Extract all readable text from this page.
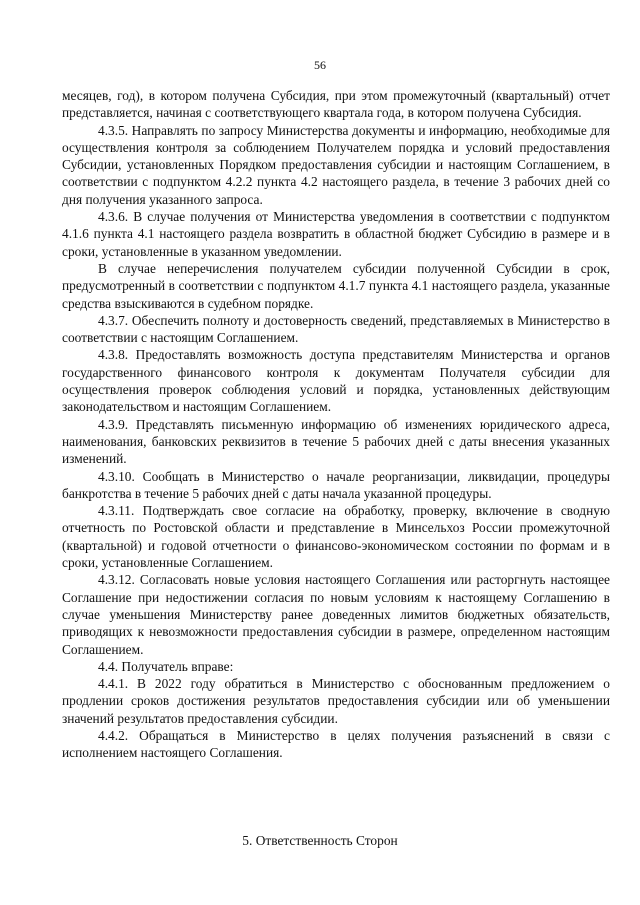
56

месяцев, год), в котором получена Субсидия, при этом промежуточный (квартальный) отчет представляется, начиная с соответствующего квартала года, в котором получена Субсидия.

4.3.5. Направлять по запросу Министерства документы и информацию, необходимые для осуществления контроля за соблюдением Получателем порядка и условий предоставления Субсидии, установленных Порядком предоставления субсидии и настоящим Соглашением, в соответствии с подпунктом 4.2.2 пункта 4.2 настоящего раздела, в течение 3 рабочих дней со дня получения указанного запроса.

4.3.6. В случае получения от Министерства уведомления в соответствии с подпунктом 4.1.6 пункта 4.1 настоящего раздела возвратить в областной бюджет Субсидию в размере и в сроки, установленные в указанном уведомлении.

В случае неперечисления получателем субсидии полученной Субсидии в срок, предусмотренный в соответствии с подпунктом 4.1.7 пункта 4.1 настоящего раздела, указанные средства взыскиваются в судебном порядке.

4.3.7. Обеспечить полноту и достоверность сведений, представляемых в Министерство в соответствии с настоящим Соглашением.

4.3.8. Предоставлять возможность доступа представителям Министерства и органов государственного финансового контроля к документам Получателя субсидии для осуществления проверок соблюдения условий и порядка, установленных действующим законодательством и настоящим Соглашением.

4.3.9. Представлять письменную информацию об изменениях юридического адреса, наименования, банковских реквизитов в течение 5 рабочих дней с даты внесения указанных изменений.

4.3.10. Сообщать в Министерство о начале реорганизации, ликвидации, процедуры банкротства в течение 5 рабочих дней с даты начала указанной процедуры.

4.3.11. Подтверждать свое согласие на обработку, проверку, включение в сводную отчетность по Ростовской области и представление в Минсельхоз России промежуточной (квартальной) и годовой отчетности о финансово-экономическом состоянии по формам и в сроки, установленные Соглашением.

4.3.12. Согласовать новые условия настоящего Соглашения или расторгнуть настоящее Соглашение при недостижении согласия по новым условиям к настоящему Соглашению в случае уменьшения Министерству ранее доведенных лимитов бюджетных обязательств, приводящих к невозможности предоставления субсидии в размере, определенном настоящим Соглашением.

4.4. Получатель вправе:

4.4.1. В 2022 году обратиться в Министерство с обоснованным предложением о продлении сроков достижения результатов предоставления субсидии или об уменьшении значений результатов предоставления субсидии.

4.4.2. Обращаться в Министерство в целях получения разъяснений в связи с исполнением настоящего Соглашения.

5. Ответственность Сторон
